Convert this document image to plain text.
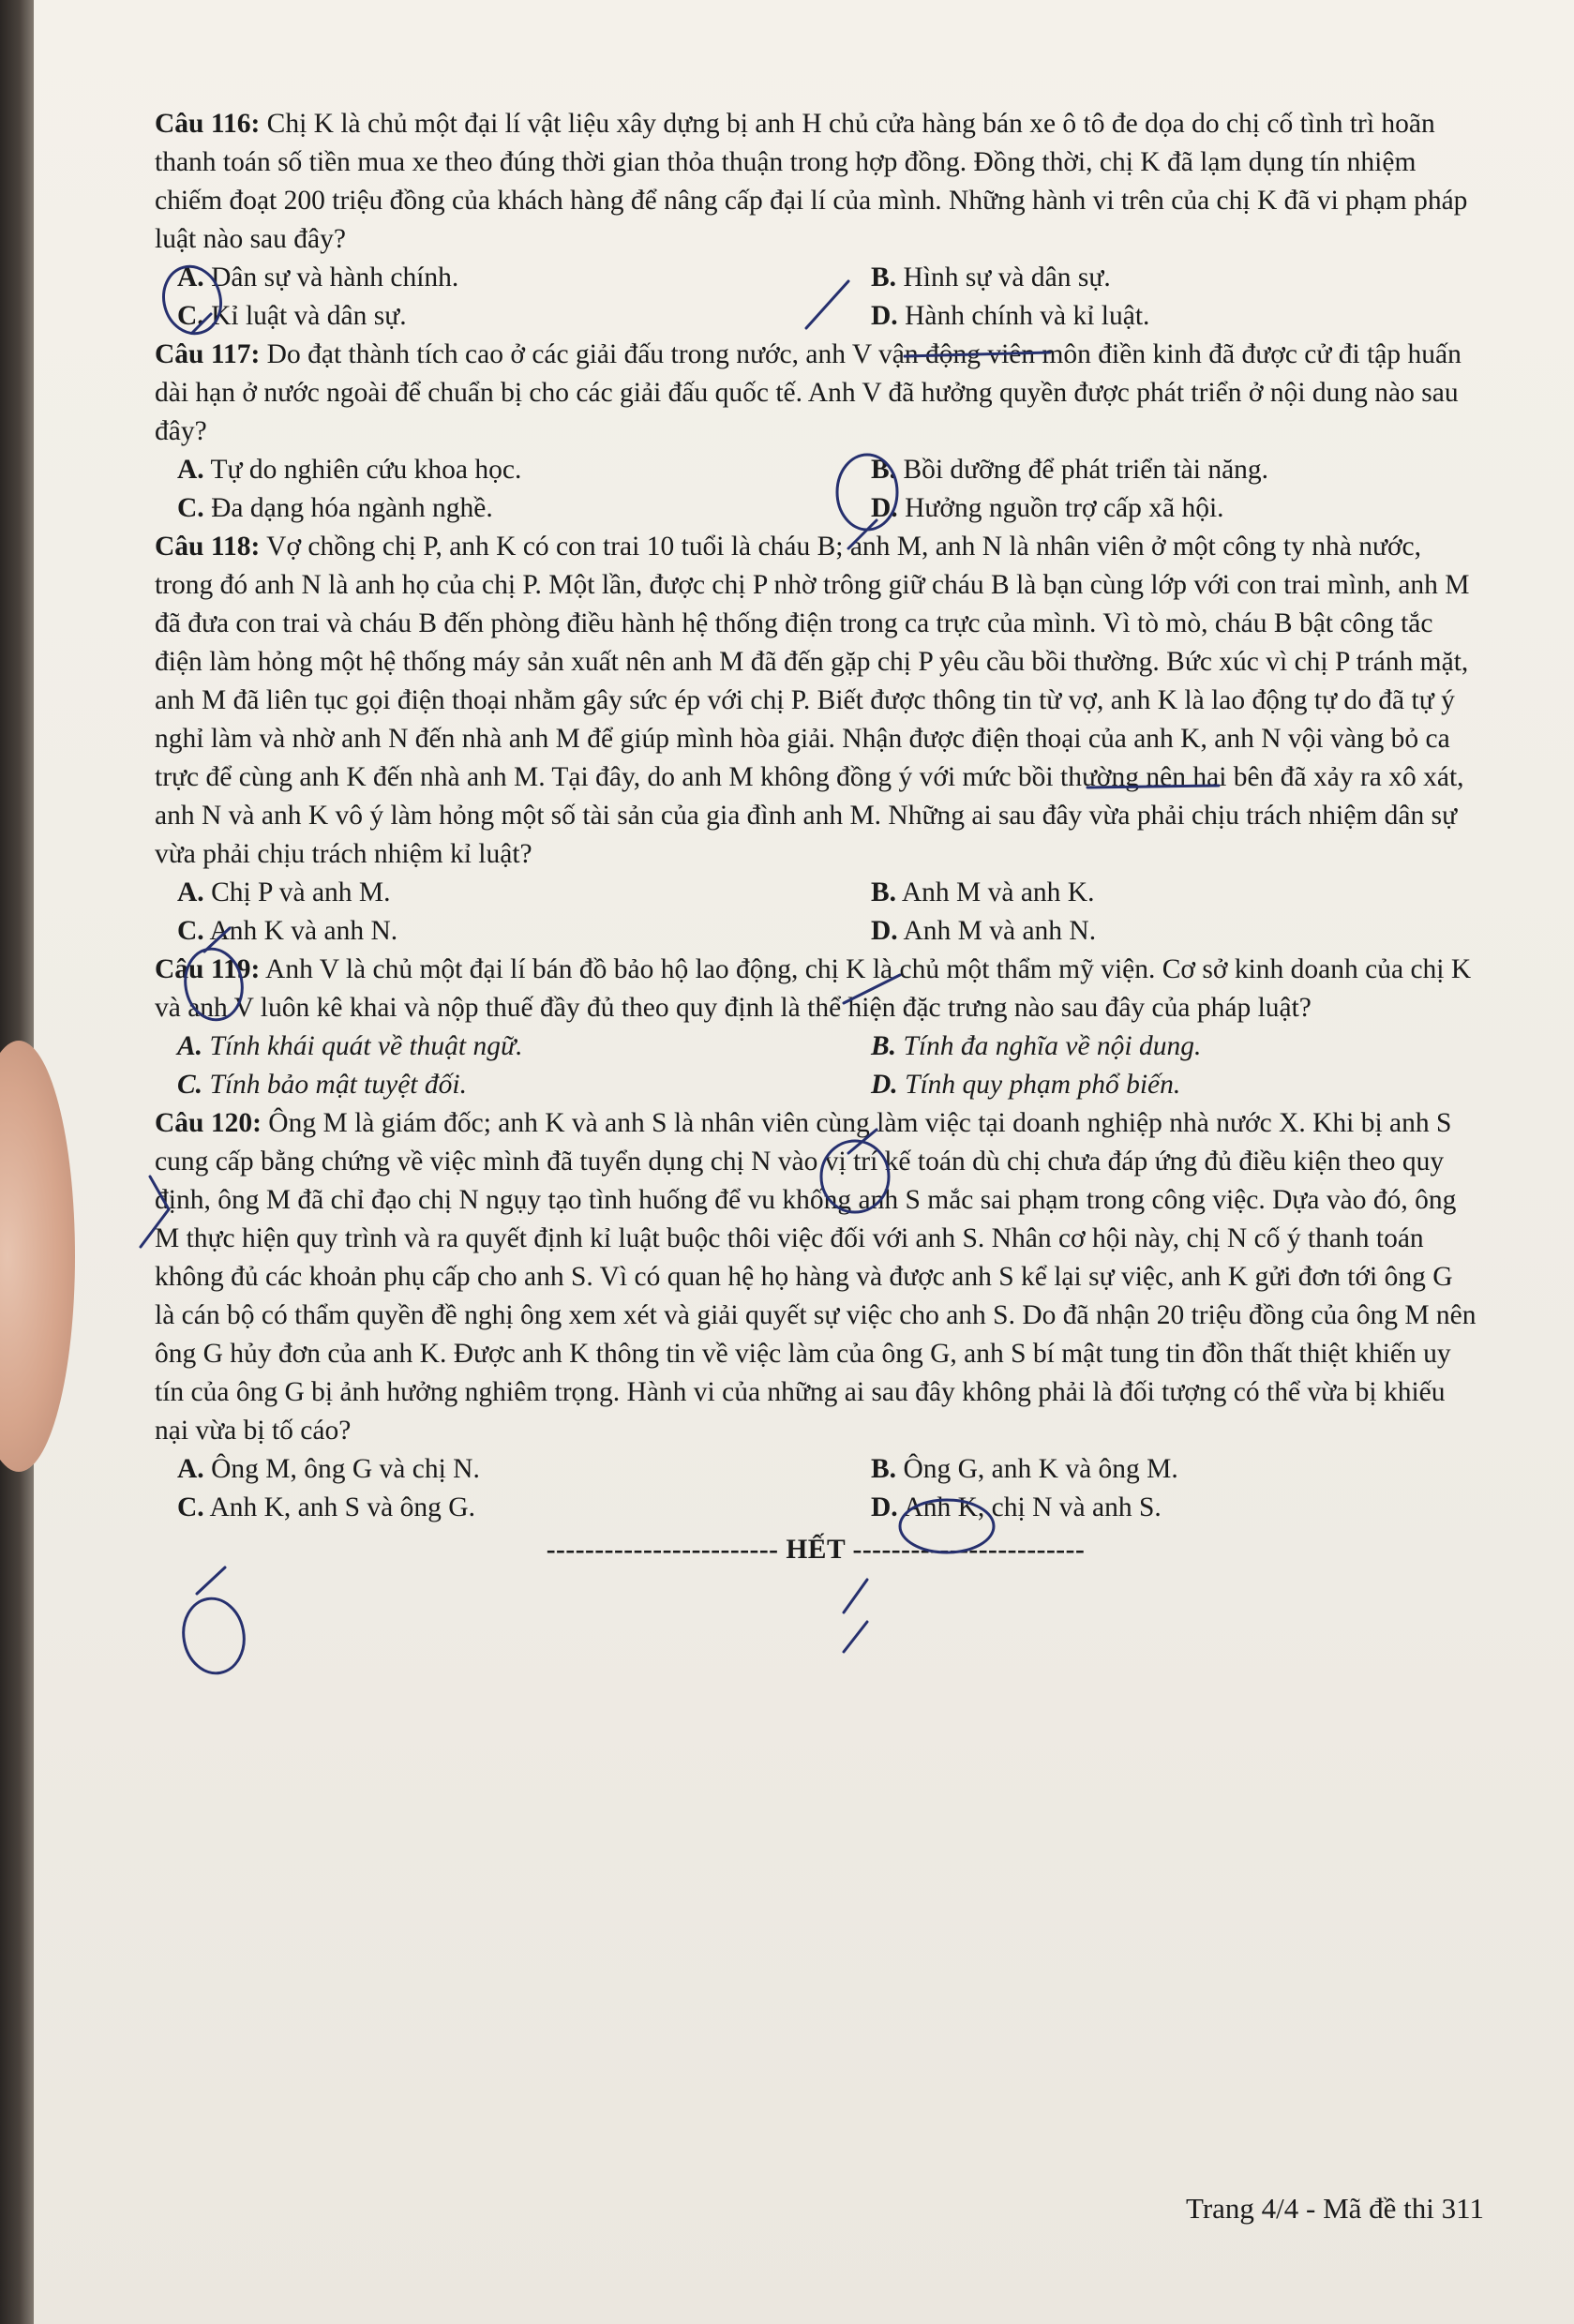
Câu 116: Chị K là chủ một đại lí vật liệu xây dựng bị anh H chủ cửa hàng bán xe ô tô đe dọa do chị cố tình trì hoãn thanh toán số tiền mua xe theo đúng thời gian thỏa thuận trong hợp đồng. Đồng thời, chị K đã lạm dụng tín nhiệm chiếm đoạt 200 triệu đồng của khách hàng để nâng cấp đại lí của mình. Những hành vi trên của chị K đã vi phạm pháp luật nào sau đây?

A. Dân sự và hành chính.	B. Hình sự và dân sự.
C. Kỉ luật và dân sự.	D. Hành chính và kỉ luật.

Câu 117: Do đạt thành tích cao ở các giải đấu trong nước, anh V vận động viên môn điền kinh đã được cử đi tập huấn dài hạn ở nước ngoài để chuẩn bị cho các giải đấu quốc tế. Anh V đã hưởng quyền được phát triển ở nội dung nào sau đây?

A. Tự do nghiên cứu khoa học.	B. Bồi dưỡng để phát triển tài năng.
C. Đa dạng hóa ngành nghề.	D. Hưởng nguồn trợ cấp xã hội.

Câu 118: Vợ chồng chị P, anh K có con trai 10 tuổi là cháu B; anh M, anh N là nhân viên ở một công ty nhà nước, trong đó anh N là anh họ của chị P. Một lần, được chị P nhờ trông giữ cháu B là bạn cùng lớp với con trai mình, anh M đã đưa con trai và cháu B đến phòng điều hành hệ thống điện trong ca trực của mình. Vì tò mò, cháu B bật công tắc điện làm hỏng một hệ thống máy sản xuất nên anh M đã đến gặp chị P yêu cầu bồi thường. Bức xúc vì chị P tránh mặt, anh M đã liên tục gọi điện thoại nhằm gây sức ép với chị P. Biết được thông tin từ vợ, anh K là lao động tự do đã tự ý nghỉ làm và nhờ anh N đến nhà anh M để giúp mình hòa giải. Nhận được điện thoại của anh K, anh N vội vàng bỏ ca trực để cùng anh K đến nhà anh M. Tại đây, do anh M không đồng ý với mức bồi thường nên hai bên đã xảy ra xô xát, anh N và anh K vô ý làm hỏng một số tài sản của gia đình anh M. Những ai sau đây vừa phải chịu trách nhiệm dân sự vừa phải chịu trách nhiệm kỉ luật?

A. Chị P và anh M.	B. Anh M và anh K.
C. Anh K và anh N.	D. Anh M và anh N.

Câu 119: Anh V là chủ một đại lí bán đồ bảo hộ lao động, chị K là chủ một thẩm mỹ viện. Cơ sở kinh doanh của chị K và anh V luôn kê khai và nộp thuế đầy đủ theo quy định là thể hiện đặc trưng nào sau đây của pháp luật?

A. Tính khái quát về thuật ngữ.	B. Tính đa nghĩa về nội dung.
C. Tính bảo mật tuyệt đối.	D. Tính quy phạm phổ biến.

Câu 120: Ông M là giám đốc; anh K và anh S là nhân viên cùng làm việc tại doanh nghiệp nhà nước X. Khi bị anh S cung cấp bằng chứng về việc mình đã tuyển dụng chị N vào vị trí kế toán dù chị chưa đáp ứng đủ điều kiện theo quy định, ông M đã chỉ đạo chị N ngụy tạo tình huống để vu khống anh S mắc sai phạm trong công việc. Dựa vào đó, ông M thực hiện quy trình và ra quyết định kỉ luật buộc thôi việc đối với anh S. Nhân cơ hội này, chị N cố ý thanh toán không đủ các khoản phụ cấp cho anh S. Vì có quan hệ họ hàng và được anh S kể lại sự việc, anh K gửi đơn tới ông G là cán bộ có thẩm quyền đề nghị ông xem xét và giải quyết sự việc cho anh S. Do đã nhận 20 triệu đồng của ông M nên ông G hủy đơn của anh K. Được anh K thông tin về việc làm của ông G, anh S bí mật tung tin đồn thất thiệt khiến uy tín của ông G bị ảnh hưởng nghiêm trọng. Hành vi của những ai sau đây không phải là đối tượng có thể vừa bị khiếu nại vừa bị tố cáo?

A. Ông M, ông G và chị N.	B. Ông G, anh K và ông M.
C. Anh K, anh S và ông G.	D. Anh K, chị N và anh S.
------------------------ HẾT ------------------------
Trang 4/4 - Mã đề thi 311
